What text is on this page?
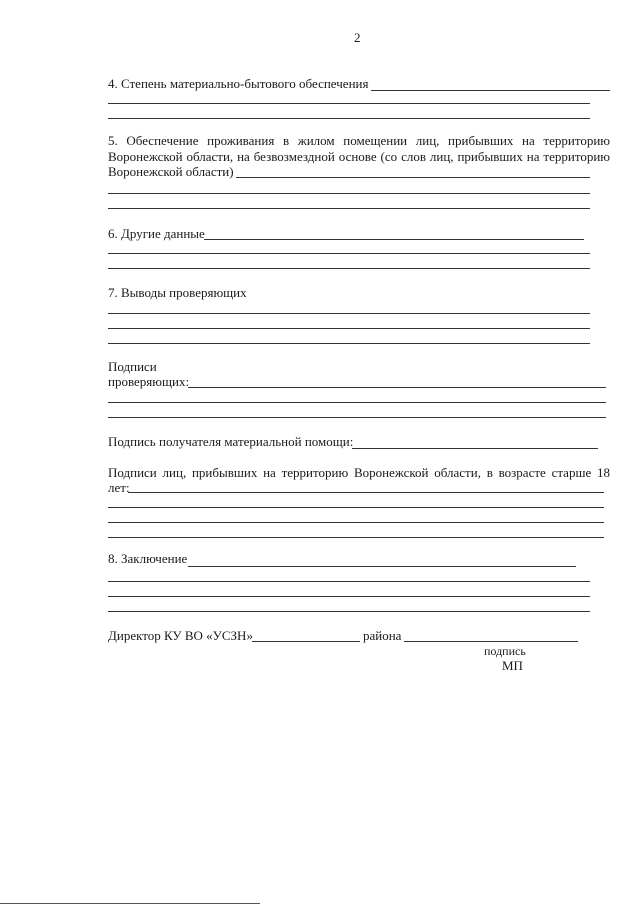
2
4. Степень материально-бытового обеспечения
5. Обеспечение проживания в жилом помещении лиц, прибывших на территорию
Воронежской области, на безвозмездной основе (со слов лиц, прибывших на территорию
Воронежской области)
6. Другие данные
7. Выводы проверяющих
Подписи
проверяющих:
Подпись получателя материальной помощи:
Подписи лиц, прибывших на территорию Воронежской области, в возрасте старше 18
лет:
8. Заключение
Директор КУ ВО «УСЗН»	района
подпись
МП
